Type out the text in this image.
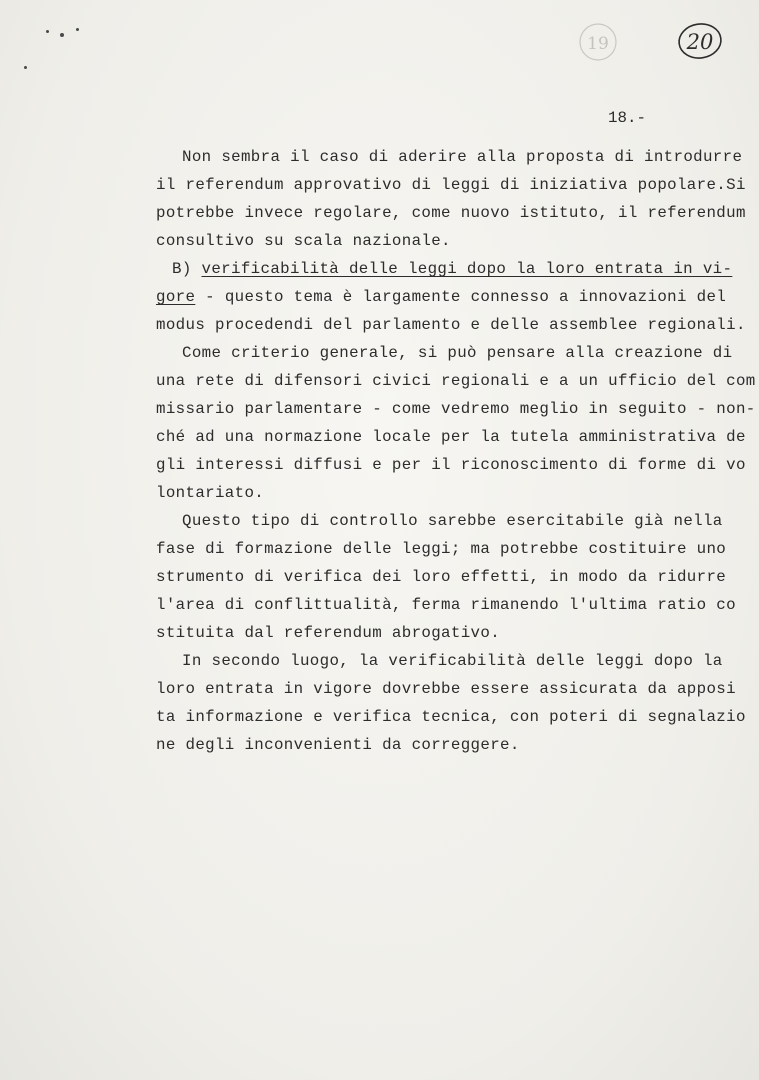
19	20
18.-

Non sembra il caso di aderire alla proposta di introdurre

il referendum approvativo di leggi di iniziativa popolare.Si

potrebbe invece regolare, come nuovo istituto, il referendum

consultivo su scala nazionale.

B) verificabilità delle leggi dopo la loro entrata in vi-

gore - questo tema è largamente connesso a innovazioni del

modus procedendi del parlamento e delle assemblee regionali.

Come criterio generale, si può pensare alla creazione di

una rete di difensori civici regionali e a un ufficio del com

missario parlamentare - come vedremo meglio in seguito - non-

ché ad una normazione locale per la tutela amministrativa de

gli interessi diffusi e per il riconoscimento di forme di vo

lontariato.

Questo tipo di controllo sarebbe esercitabile già nella

fase di formazione delle leggi; ma potrebbe costituire uno

strumento di verifica dei loro effetti, in modo da ridurre

l'area di conflittualità, ferma rimanendo l'ultima ratio co

stituita dal referendum abrogativo.

In secondo luogo, la verificabilità delle leggi dopo la

loro entrata in vigore dovrebbe essere assicurata da apposi

ta informazione e verifica tecnica, con poteri di segnalazio

ne degli inconvenienti da correggere.
